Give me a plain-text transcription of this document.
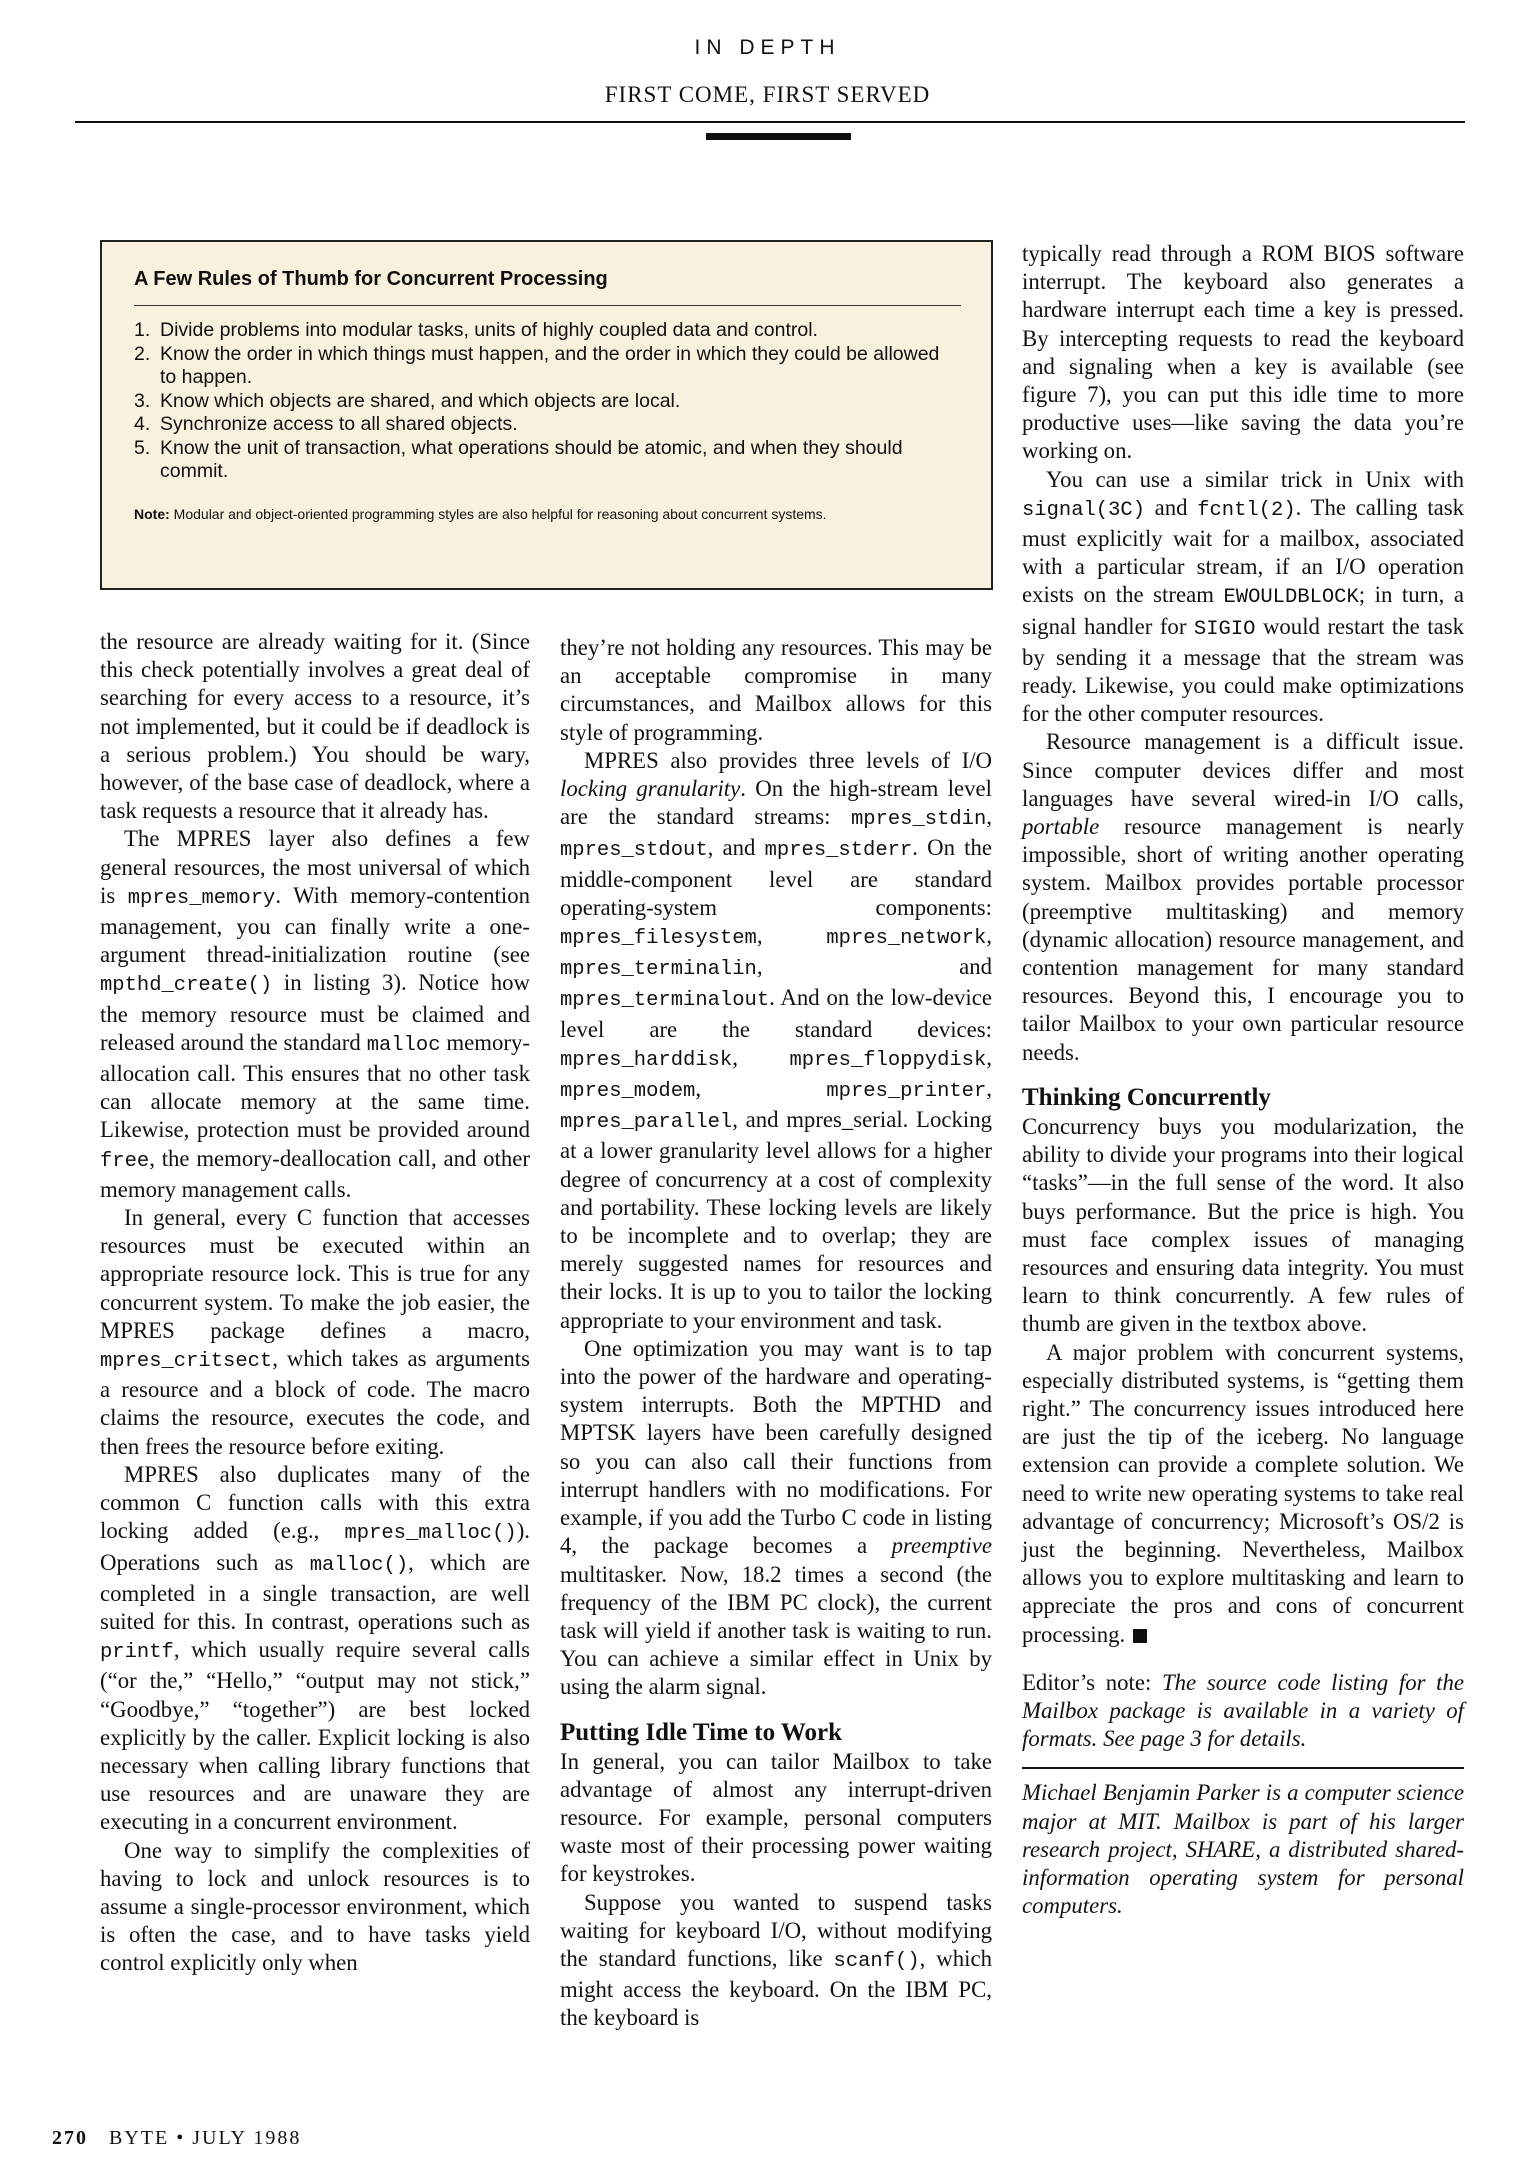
IN DEPTH
FIRST COME, FIRST SERVED
A Few Rules of Thumb for Concurrent Processing
1. Divide problems into modular tasks, units of highly coupled data and control.
2. Know the order in which things must happen, and the order in which they could be allowed to happen.
3. Know which objects are shared, and which objects are local.
4. Synchronize access to all shared objects.
5. Know the unit of transaction, what operations should be atomic, and when they should commit.
Note: Modular and object-oriented programming styles are also helpful for reasoning about concurrent systems.

the resource are already waiting for it. (Since this check potentially involves a great deal of searching for every access to a resource, it’s not implemented, but it could be if deadlock is a serious problem.) You should be wary, however, of the base case of deadlock, where a task requests a resource that it already has.

The MPRES layer also defines a few general resources, the most universal of which is mpres_memory. With memory-contention management, you can finally write a one-argument thread-initialization routine (see mpthd_create() in listing 3). Notice how the memory resource must be claimed and released around the standard malloc memory-allocation call. This ensures that no other task can allocate memory at the same time. Likewise, protection must be provided around free, the memory-deallocation call, and other memory management calls.

In general, every C function that accesses resources must be executed within an appropriate resource lock. This is true for any concurrent system. To make the job easier, the MPRES package defines a macro, mpres_critsect, which takes as arguments a resource and a block of code. The macro claims the resource, executes the code, and then frees the resource before exiting.

MPRES also duplicates many of the common C function calls with this extra locking added (e.g., mpres_malloc()). Operations such as malloc(), which are completed in a single transaction, are well suited for this. In contrast, operations such as printf, which usually require several calls (“or the,” “Hello,” “output may not stick,” “Goodbye,” “together”) are best locked explicitly by the caller. Explicit locking is also necessary when calling library functions that use resources and are unaware they are executing in a concurrent environment.

One way to simplify the complexities of having to lock and unlock resources is to assume a single-processor environment, which is often the case, and to have tasks yield control explicitly only when

they’re not holding any resources. This may be an acceptable compromise in many circumstances, and Mailbox allows for this style of programming.

MPRES also provides three levels of I/O locking granularity. On the high-stream level are the standard streams: mpres_stdin, mpres_stdout, and mpres_stderr. On the middle-component level are standard operating-system components: mpres_filesystem, mpres_network, mpres_terminalin, and mpres_terminalout. And on the low-device level are the standard devices: mpres_harddisk, mpres_floppydisk, mpres_modem, mpres_printer, mpres_parallel, and mpres_serial. Locking at a lower granularity level allows for a higher degree of concurrency at a cost of complexity and portability. These locking levels are likely to be incomplete and to overlap; they are merely suggested names for resources and their locks. It is up to you to tailor the locking appropriate to your environment and task.

One optimization you may want is to tap into the power of the hardware and operating-system interrupts. Both the MPTHD and MPTSK layers have been carefully designed so you can also call their functions from interrupt handlers with no modifications. For example, if you add the Turbo C code in listing 4, the package becomes a preemptive multitasker. Now, 18.2 times a second (the frequency of the IBM PC clock), the current task will yield if another task is waiting to run. You can achieve a similar effect in Unix by using the alarm signal.

Putting Idle Time to Work

In general, you can tailor Mailbox to take advantage of almost any interrupt-driven resource. For example, personal computers waste most of their processing power waiting for keystrokes.

Suppose you wanted to suspend tasks waiting for keyboard I/O, without modifying the standard functions, like scanf(), which might access the keyboard. On the IBM PC, the keyboard is

typically read through a ROM BIOS software interrupt. The keyboard also generates a hardware interrupt each time a key is pressed. By intercepting requests to read the keyboard and signaling when a key is available (see figure 7), you can put this idle time to more productive uses—like saving the data you’re working on.

You can use a similar trick in Unix with signal(3C) and fcntl(2). The calling task must explicitly wait for a mailbox, associated with a particular stream, if an I/O operation exists on the stream EWOULDBLOCK; in turn, a signal handler for SIGIO would restart the task by sending it a message that the stream was ready. Likewise, you could make optimizations for the other computer resources.

Resource management is a difficult issue. Since computer devices differ and most languages have several wired-in I/O calls, portable resource management is nearly impossible, short of writing another operating system. Mailbox provides portable processor (preemptive multitasking) and memory (dynamic allocation) resource management, and contention management for many standard resources. Beyond this, I encourage you to tailor Mailbox to your own particular resource needs.

Thinking Concurrently

Concurrency buys you modularization, the ability to divide your programs into their logical “tasks”—in the full sense of the word. It also buys performance. But the price is high. You must face complex issues of managing resources and ensuring data integrity. You must learn to think concurrently. A few rules of thumb are given in the textbox above.

A major problem with concurrent systems, especially distributed systems, is “getting them right.” The concurrency issues introduced here are just the tip of the iceberg. No language extension can provide a complete solution. We need to write new operating systems to take real advantage of concurrency; Microsoft’s OS/2 is just the beginning. Nevertheless, Mailbox allows you to explore multitasking and learn to appreciate the pros and cons of concurrent processing.

Editor’s note: The source code listing for the Mailbox package is available in a variety of formats. See page 3 for details.

Michael Benjamin Parker is a computer science major at MIT. Mailbox is part of his larger research project, SHARE, a distributed shared-information operating system for personal computers.

270 BYTE • JULY 1988
